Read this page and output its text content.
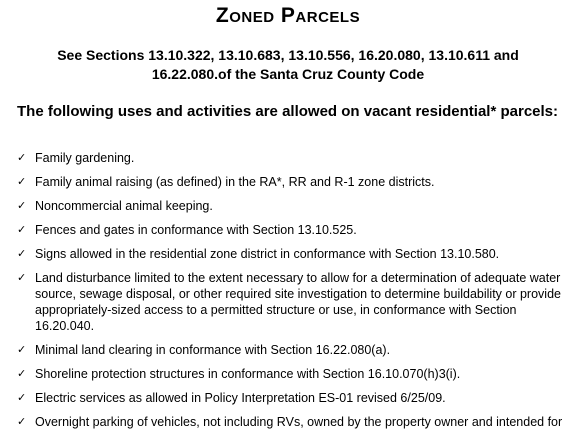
Zoned Parcels

See Sections 13.10.322, 13.10.683, 13.10.556, 16.20.080, 13.10.611 and 16.22.080.of the Santa Cruz County Code

The following uses and activities are allowed on vacant residential* parcels:

✓ Family gardening.
✓ Family animal raising (as defined) in the RA*, RR and R-1 zone districts.
✓ Noncommercial animal keeping.
✓ Fences and gates in conformance with Section 13.10.525.
✓ Signs allowed in the residential zone district in conformance with Section 13.10.580.
✓ Land disturbance limited to the extent necessary to allow for a determination of adequate water source, sewage disposal, or other required site investigation to determine buildability or provide appropriately-sized access to a permitted structure or use, in conformance with Section 16.20.040.
✓ Minimal land clearing in conformance with Section 16.22.080(a).
✓ Shoreline protection structures in conformance with Section 16.10.070(h)3(i).
✓ Electric services as allowed in Policy Interpretation ES-01 revised 6/25/09.
✓ Overnight parking of vehicles, not including RVs, owned by the property owner and intended for
